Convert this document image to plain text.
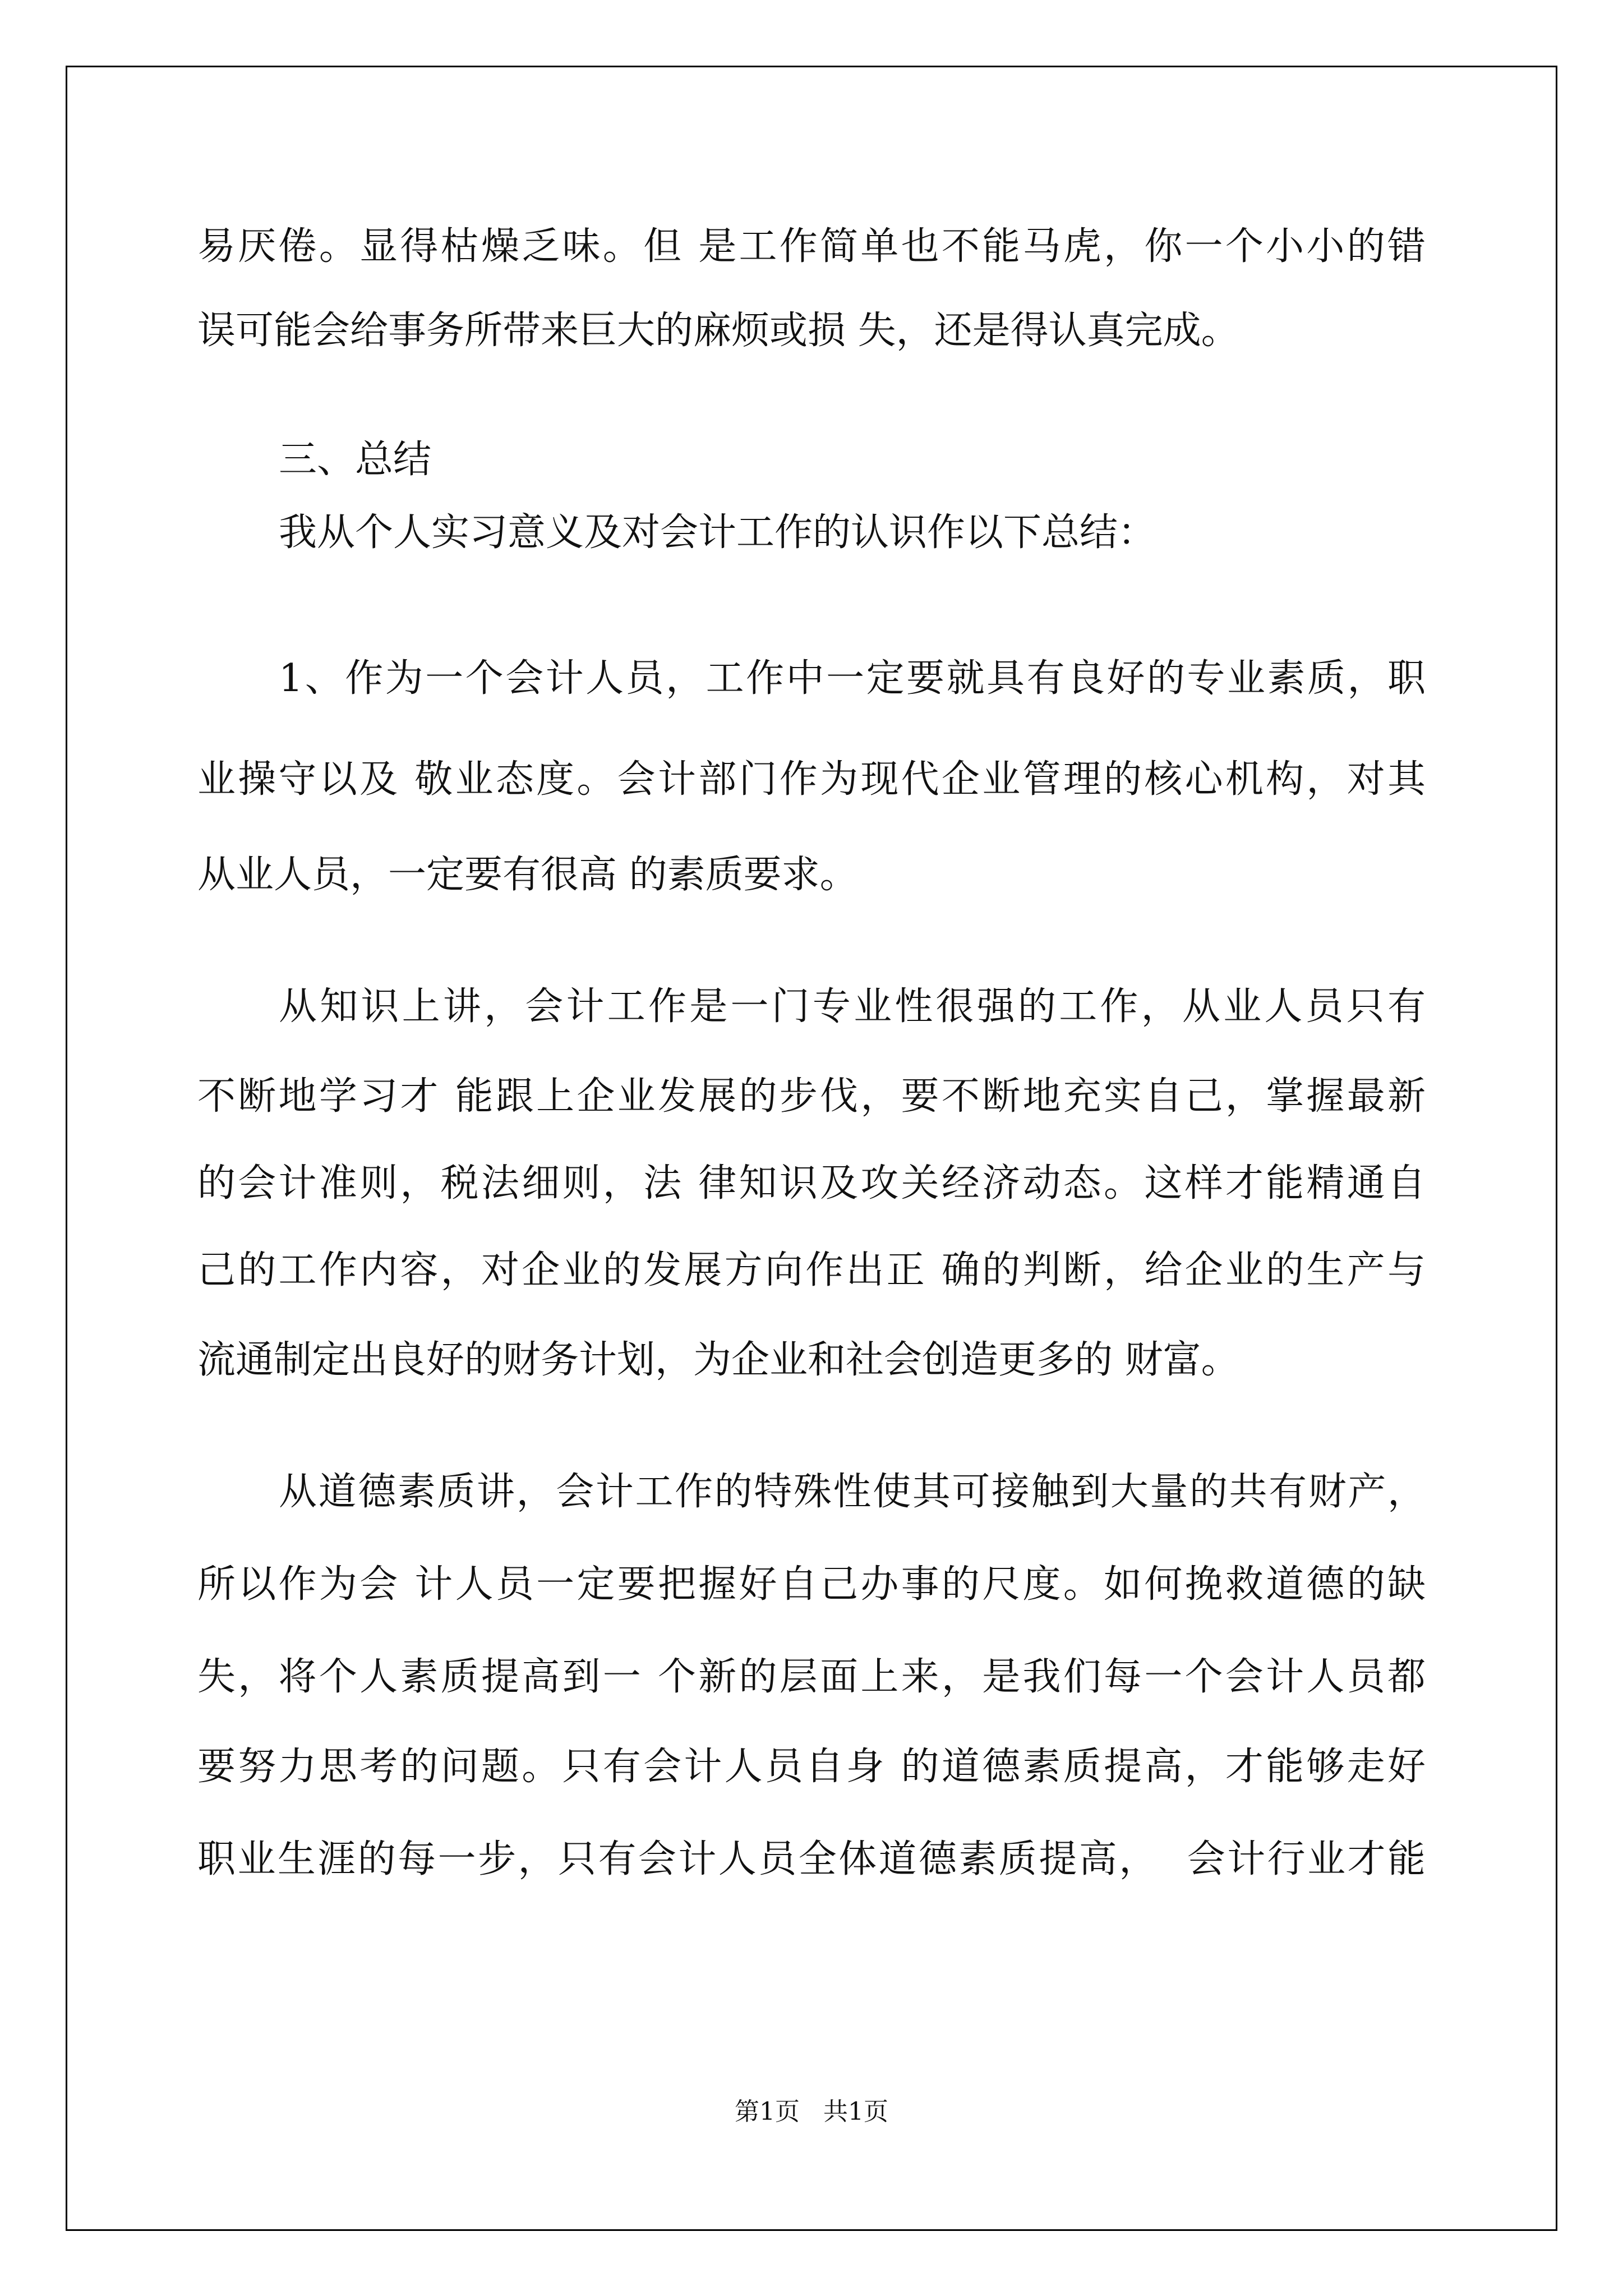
易厌倦。显得枯燥乏味。但 是工作简单也不能马虎，你一个小小的错
误可能会给事务所带来巨大的麻烦或损 失，还是得认真完成。
三、总结
我从个人实习意义及对会计工作的认识作以下总结：
1、作为一个会计人员，工作中一定要就具有良好的专业素质，职
业操守以及 敬业态度。会计部门作为现代企业管理的核心机构，对其
从业人员，一定要有很高 的素质要求。
从知识上讲，会计工作是一门专业性很强的工作，从业人员只有
不断地学习才 能跟上企业发展的步伐，要不断地充实自己，掌握最新
的会计准则，税法细则，法 律知识及攻关经济动态。这样才能精通自
己的工作内容，对企业的发展方向作出正 确的判断，给企业的生产与
流通制定出良好的财务计划，为企业和社会创造更多的 财富。
从道德素质讲，会计工作的特殊性使其可接触到大量的共有财产，
所以作为会 计人员一定要把握好自己办事的尺度。如何挽救道德的缺
失，将个人素质提高到一 个新的层面上来，是我们每一个会计人员都
要努力思考的问题。只有会计人员自身 的道德素质提高，才能够走好
职业生涯的每一步，只有会计人员全体道德素质提高，  会计行业才能
第1页   共1页
